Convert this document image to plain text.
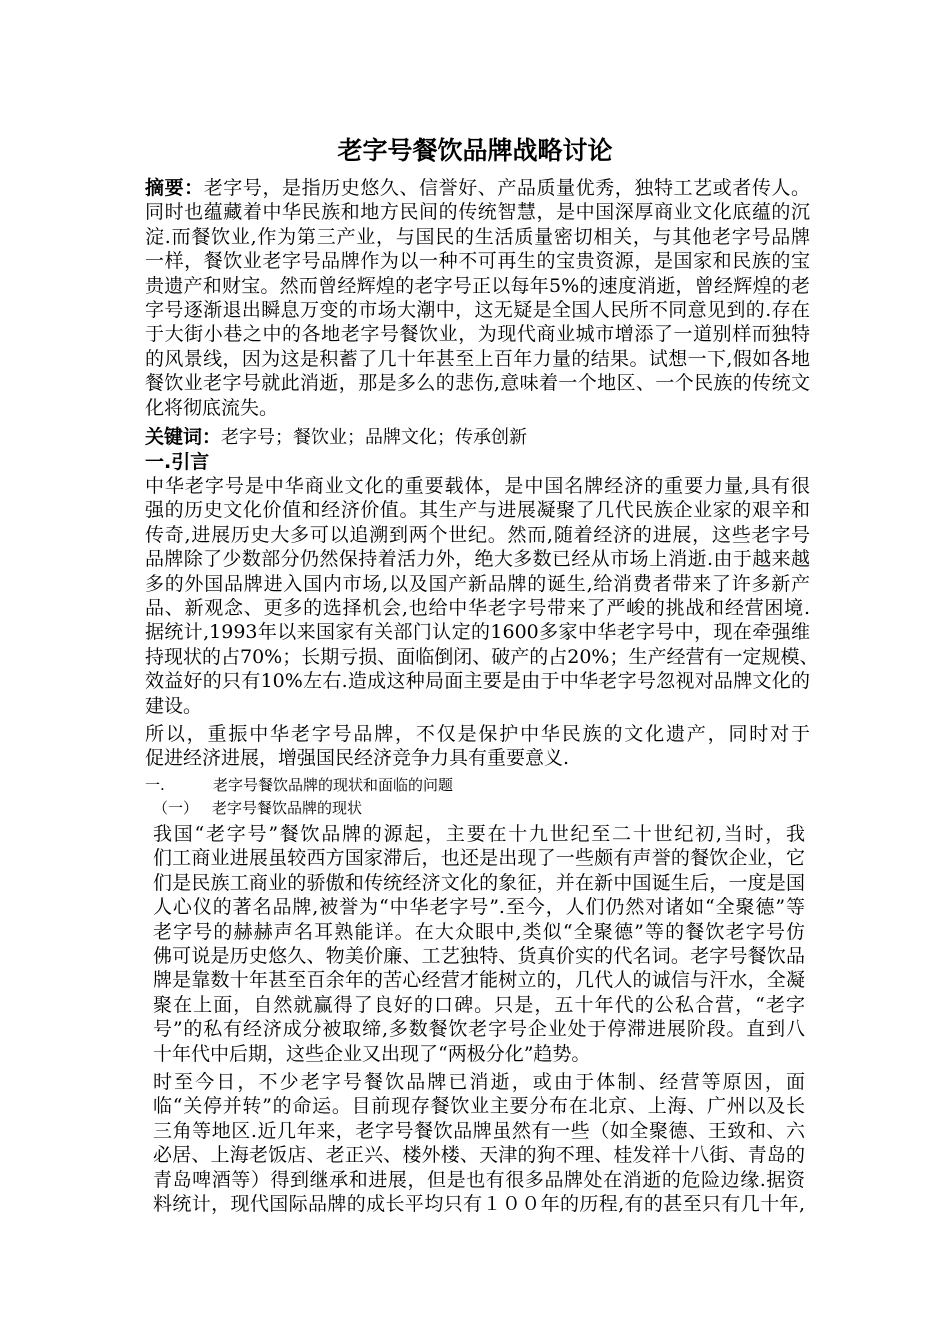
老字号餐饮品牌战略讨论
摘要：老字号，是指历史悠久、信誉好、产品质量优秀，独特工艺或者传人。
同时也蕴藏着中华民族和地方民间的传统智慧，是中国深厚商业文化底蕴的沉
淀.而餐饮业,作为第三产业，与国民的生活质量密切相关，与其他老字号品牌
一样，餐饮业老字号品牌作为以一种不可再生的宝贵资源，是国家和民族的宝
贵遗产和财宝。然而曾经辉煌的老字号正以每年5%的速度消逝，曾经辉煌的老
字号逐渐退出瞬息万变的市场大潮中，这无疑是全国人民所不同意见到的.存在
于大街小巷之中的各地老字号餐饮业，为现代商业城市增添了一道别样而独特
的风景线，因为这是积蓄了几十年甚至上百年力量的结果。试想一下,假如各地
餐饮业老字号就此消逝，那是多么的悲伤,意味着一个地区、一个民族的传统文
化将彻底流失。
关键词：老字号；餐饮业；品牌文化；传承创新
一.引言
中华老字号是中华商业文化的重要载体，是中国名牌经济的重要力量,具有很
强的历史文化价值和经济价值。其生产与进展凝聚了几代民族企业家的艰辛和
传奇,进展历史大多可以追溯到两个世纪。然而,随着经济的进展，这些老字号
品牌除了少数部分仍然保持着活力外，绝大多数已经从市场上消逝.由于越来越
多的外国品牌进入国内市场,以及国产新品牌的诞生,给消费者带来了许多新产
品、新观念、更多的选择机会,也给中华老字号带来了严峻的挑战和经营困境.
据统计,1993年以来国家有关部门认定的1600多家中华老字号中，现在牵强维
持现状的占70%；长期亏损、面临倒闭、破产的占20%；生产经营有一定规模、
效益好的只有10%左右.造成这种局面主要是由于中华老字号忽视对品牌文化的
建设。
所以，重振中华老字号品牌，不仅是保护中华民族的文化遗产，同时对于
促进经济进展，增强国民经济竞争力具有重要意义.
一.	老字号餐饮品牌的现状和面临的问题
（一） 老字号餐饮品牌的现状
我国“老字号”餐饮品牌的源起，主要在十九世纪至二十世纪初,当时，我
们工商业进展虽较西方国家滞后，也还是出现了一些颇有声誉的餐饮企业，它
们是民族工商业的骄傲和传统经济文化的象征，并在新中国诞生后，一度是国
人心仪的著名品牌,被誉为“中华老字号”.至今，人们仍然对诸如“全聚德”等
老字号的赫赫声名耳熟能详。在大众眼中,类似“全聚德”等的餐饮老字号仿
佛可说是历史悠久、物美价廉、工艺独特、货真价实的代名词。老字号餐饮品
牌是靠数十年甚至百余年的苦心经营才能树立的，几代人的诚信与汗水，全凝
聚在上面，自然就赢得了良好的口碑。只是，五十年代的公私合营，“老字
号”的私有经济成分被取缔,多数餐饮老字号企业处于停滞进展阶段。直到八
十年代中后期，这些企业又出现了“两极分化”趋势。
时至今日，不少老字号餐饮品牌已消逝，或由于体制、经营等原因，面
临“关停并转”的命运。目前现存餐饮业主要分布在北京、上海、广州以及长
三角等地区.近几年来，老字号餐饮品牌虽然有一些（如全聚德、王致和、六
必居、上海老饭店、老正兴、楼外楼、天津的狗不理、桂发祥十八街、青岛的
青岛啤酒等）得到继承和进展，但是也有很多品牌处在消逝的危险边缘.据资
料统计，现代国际品牌的成长平均只有１００年的历程,有的甚至只有几十年,
